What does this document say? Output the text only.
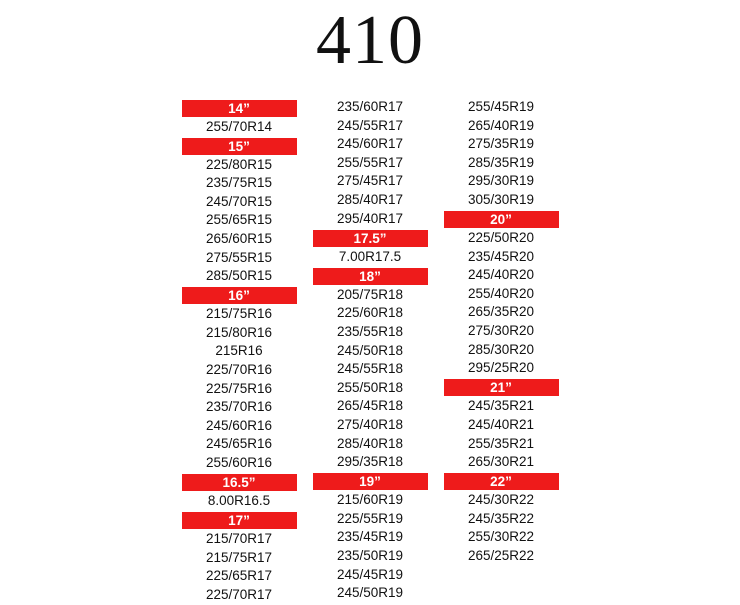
410
14”
255/70R14
15”
225/80R15
235/75R15
245/70R15
255/65R15
265/60R15
275/55R15
285/50R15
16”
215/75R16
215/80R16
215R16
225/70R16
225/75R16
235/70R16
245/60R16
245/65R16
255/60R16
16.5”
8.00R16.5
17”
215/70R17
215/75R17
225/65R17
225/70R17
235/60R17
245/55R17
245/60R17
255/55R17
275/45R17
285/40R17
295/40R17
17.5”
7.00R17.5
18”
205/75R18
225/60R18
235/55R18
245/50R18
245/55R18
255/50R18
265/45R18
275/40R18
285/40R18
295/35R18
19”
215/60R19
225/55R19
235/45R19
235/50R19
245/45R19
245/50R19
255/45R19
265/40R19
275/35R19
285/35R19
295/30R19
305/30R19
20”
225/50R20
235/45R20
245/40R20
255/40R20
265/35R20
275/30R20
285/30R20
295/25R20
21”
245/35R21
245/40R21
255/35R21
265/30R21
22”
245/30R22
245/35R22
255/30R22
265/25R22
